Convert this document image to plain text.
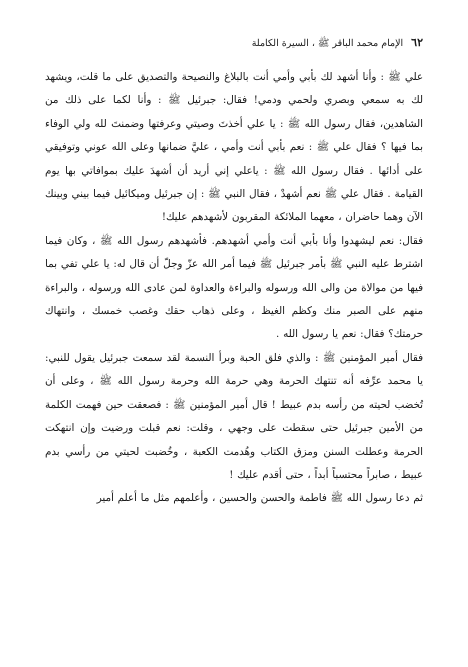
٦٢
الإمام محمد الباقر ﷺ ، السيرة الكاملة

علي ﷺ : وأنا أشهد لك بأبي وأمي أنت بالبلاغ والنصيحة والتصديق على ما قلت، ويشهد لك به سمعي وبصري ولحمي ودمي! فقال: جبرئيل ﷺ : وأنا لكما على ذلك من الشاهدين، فقال رسول الله ﷺ : يا علي أخذتَ وصيتي وعرفتها وضمنتَ لله ولي الوفاء بما فيها ؟ فقال علي ﷺ : نعم بأبي أنت وأمي ، عليَّ ضمانها وعلى الله عوني وتوفيقي على أدائها . فقال رسول الله ﷺ : ياعلي إني أريد أن أشهدَ عليك بموافاتي بها يوم القيامة . فقال علي ﷺ نعم أشهدْ ، فقال النبي ﷺ : إن جبرئيل وميكائيل فيما بيني وبينك الآن وهما حاضران ، معهما الملائكة المقربون لأشهدهم عليك!

فقال: نعم ليشهدوا وأنا بأبي أنت وأمي أشهدهم. فأشهدهم رسول الله ﷺ ، وكان فيما اشترط عليه النبي ﷺ بأمر جبرئيل ﷺ فيما أمر الله عزّ وجلّ أن قال له: يا علي تفي بما فيها من موالاة من والى الله ورسوله والبراءة والعداوة لمن عادى الله ورسوله ، والبراءة منهم على الصبر منك وكظم الغيظ ، وعلى ذهاب حقك وغصب خمسك ، وانتهاك حرمتك؟ فقال: نعم يا رسول الله .

فقال أمير المؤمنين ﷺ : والذي فلق الحبة وبرأ النسمة لقد سمعت جبرئيل يقول للنبي: يا محمد عرِّفه أنه تنتهك الحرمة وهي حرمة الله وحرمة رسول الله ﷺ ، وعلى أن تُخضب لحيته من رأسه بدم عبيط ! قال أمير المؤمنين ﷺ : فصعقت حين فهمت الكلمة من الأمين جبرئيل حتى سقطت على وجهي ، وقلت: نعم قبلت ورضيت وإن انتهكت الحرمة وعطلت السنن ومزق الكتاب وهُدمت الكعبة ، وخُضبت لحيتي من رأسي بدم عبيط ، صابراً محتسباً أبداً ، حتى أقدم عليك !

ثم دعا رسول الله ﷺ فاطمة والحسن والحسين ، وأعلمهم مثل ما أعلم أمير
